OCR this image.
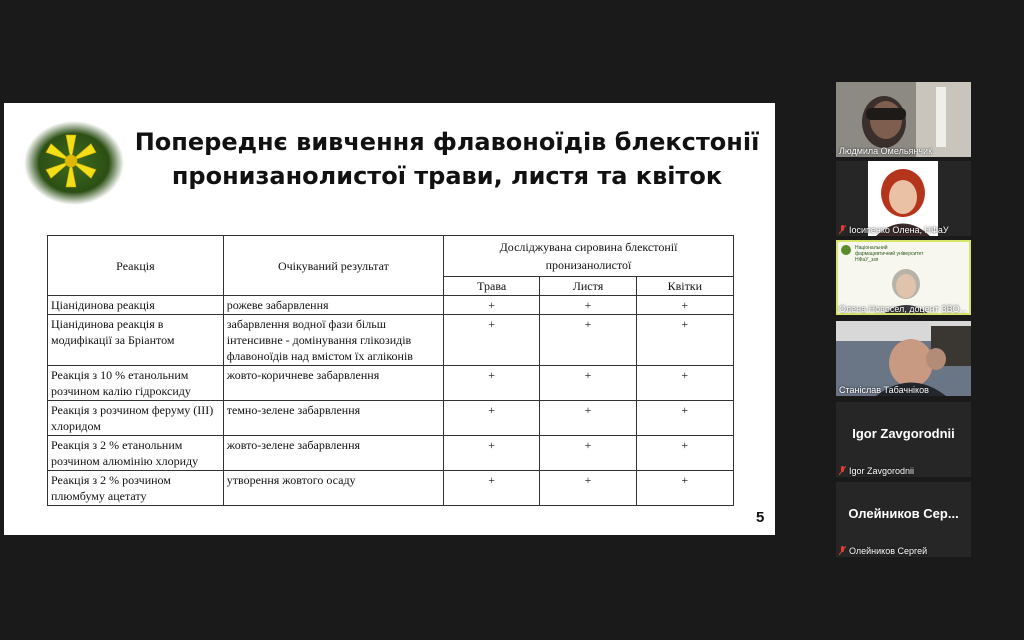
Попереднє вивчення флавоноїдів блекстонії
пронизанолистої трави, листя та квіток
Реакція	Очікуваний результат	Досліджувана сировина блекстонії
пронизанолистої		
		Трава	Листя	Квітки
Ціанідинова реакція	рожеве забарвлення	+	+	+
Ціанідинова реакція в модифікації за Бріантом	забарвлення водної фази більш інтенсивне - домінування глікозидів флавоноїдів над вмістом їх аглiконів	+	+	+
Реакція з 10 % етанольним розчином калію гідроксиду	жовто-коричневе забарвлення	+	+	+
Реакція з розчином феруму (ІІІ) хлоридом	темно-зелене забарвлення	+	+	+
Реакція з 2 % етанольним розчином алюмінію хлориду	жовто-зелене забарвлення	+	+	+
Реакція з 2 % розчином плюмбуму ацетату	утворення жовтого осаду	+	+	+
5
Людмила Омельянчик
Іосипенко Олена, НФаУ
Національний фармацевтичний університет
НФаУ_ззп
Олена Новосел, доцент ЗВО...
Станіслав Табачніков
Igor Zavgorodnii
Igor Zavgorodnii
Олейников Сер...
Олейников Сергей
